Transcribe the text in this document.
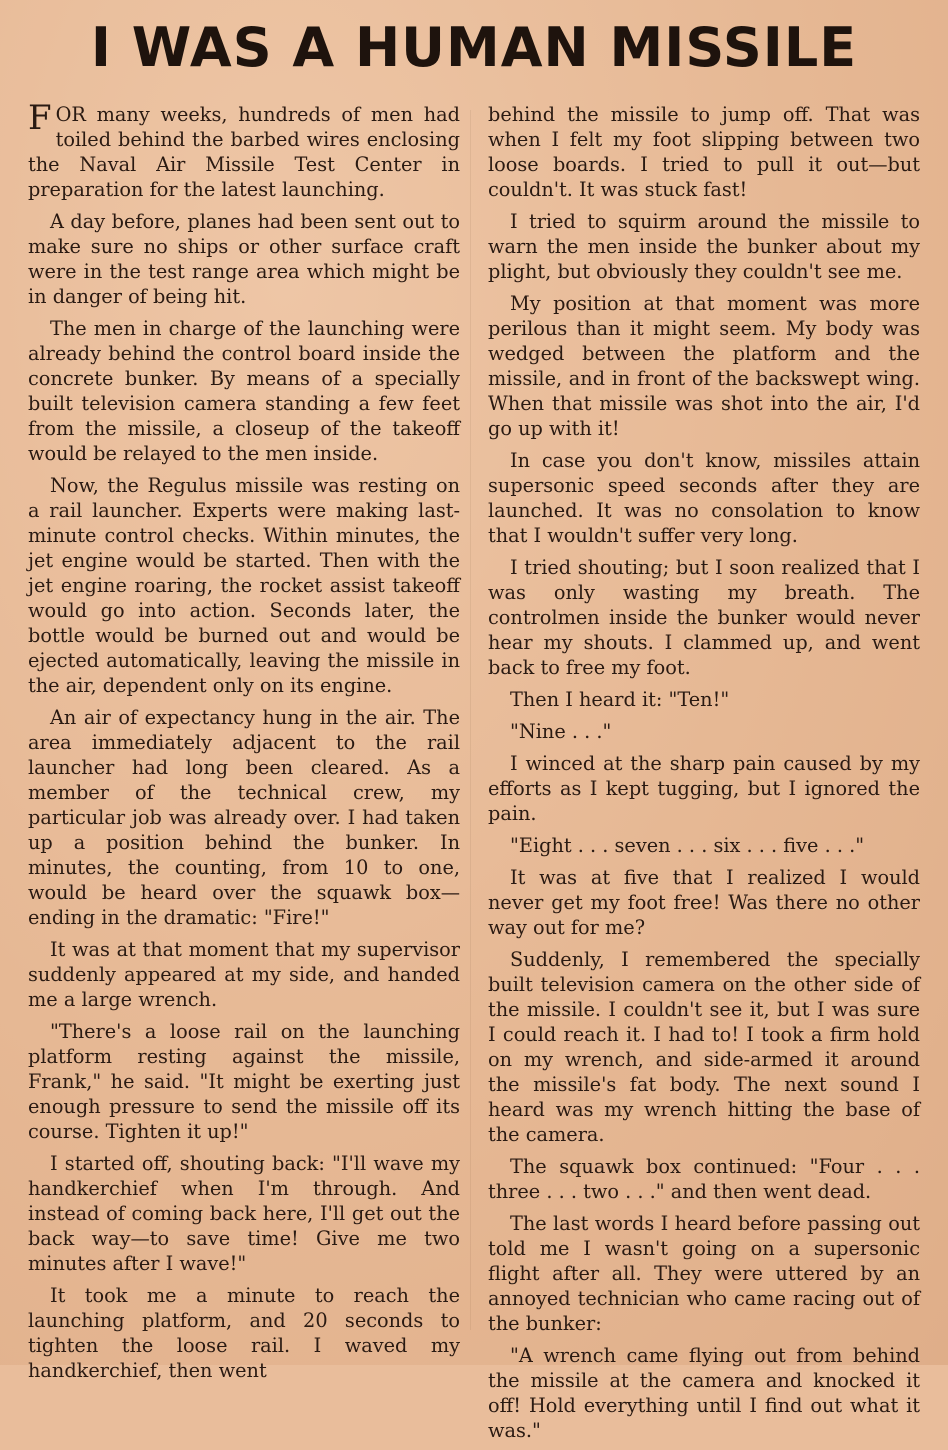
I WAS A HUMAN MISSILE

FOR many weeks, hundreds of men had toiled behind the barbed wires enclosing the Naval Air Missile Test Center in preparation for the latest launching.

A day before, planes had been sent out to make sure no ships or other surface craft were in the test range area which might be in danger of being hit.

The men in charge of the launching were already behind the control board inside the concrete bunker. By means of a specially built television camera standing a few feet from the missile, a closeup of the takeoff would be relayed to the men inside.

Now, the Regulus missile was resting on a rail launcher. Experts were making last-minute control checks. Within minutes, the jet engine would be started. Then with the jet engine roaring, the rocket assist takeoff would go into action. Seconds later, the bottle would be burned out and would be ejected automatically, leaving the missile in the air, dependent only on its engine.

An air of expectancy hung in the air. The area immediately adjacent to the rail launcher had long been cleared. As a member of the technical crew, my particular job was already over. I had taken up a position behind the bunker. In minutes, the counting, from 10 to one, would be heard over the squawk box—ending in the dramatic: "Fire!"

It was at that moment that my supervisor suddenly appeared at my side, and handed me a large wrench.

"There's a loose rail on the launching platform resting against the missile, Frank," he said. "It might be exerting just enough pressure to send the missile off its course. Tighten it up!"

I started off, shouting back: "I'll wave my handkerchief when I'm through. And instead of coming back here, I'll get out the back way—to save time! Give me two minutes after I wave!"

It took me a minute to reach the launching platform, and 20 seconds to tighten the loose rail. I waved my handkerchief, then went

behind the missile to jump off. That was when I felt my foot slipping between two loose boards. I tried to pull it out—but couldn't. It was stuck fast!

I tried to squirm around the missile to warn the men inside the bunker about my plight, but obviously they couldn't see me.

My position at that moment was more perilous than it might seem. My body was wedged between the platform and the missile, and in front of the backswept wing. When that missile was shot into the air, I'd go up with it!

In case you don't know, missiles attain supersonic speed seconds after they are launched. It was no consolation to know that I wouldn't suffer very long.

I tried shouting; but I soon realized that I was only wasting my breath. The controlmen inside the bunker would never hear my shouts. I clammed up, and went back to free my foot.

Then I heard it: "Ten!"

"Nine . . ."

I winced at the sharp pain caused by my efforts as I kept tugging, but I ignored the pain.

"Eight . . . seven . . . six . . . five . . ."

It was at five that I realized I would never get my foot free! Was there no other way out for me?

Suddenly, I remembered the specially built television camera on the other side of the missile. I couldn't see it, but I was sure I could reach it. I had to! I took a firm hold on my wrench, and side-armed it around the missile's fat body. The next sound I heard was my wrench hitting the base of the camera.

The squawk box continued: "Four . . . three . . . two . . ." and then went dead.

The last words I heard before passing out told me I wasn't going on a supersonic flight after all. They were uttered by an annoyed technician who came racing out of the bunker:

"A wrench came flying out from behind the missile at the camera and knocked it off! Hold everything until I find out what it was."
